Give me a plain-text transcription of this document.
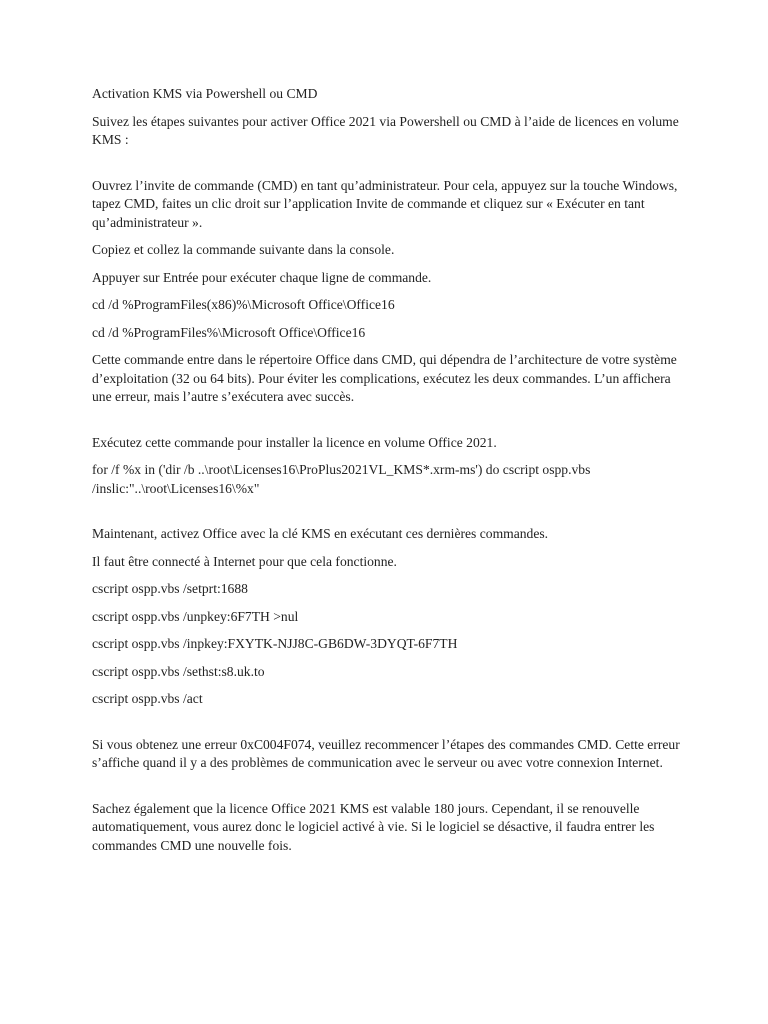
Activation KMS via Powershell ou CMD

Suivez les étapes suivantes pour activer Office 2021 via Powershell ou CMD à l’aide de licences en volume KMS :

Ouvrez l’invite de commande (CMD) en tant qu’administrateur. Pour cela, appuyez sur la touche Windows, tapez CMD, faites un clic droit sur l’application Invite de commande et cliquez sur « Exécuter en tant qu’administrateur ».

Copiez et collez la commande suivante dans la console.

Appuyer sur Entrée pour exécuter chaque ligne de commande.

cd /d %ProgramFiles(x86)%\Microsoft Office\Office16

cd /d %ProgramFiles%\Microsoft Office\Office16

Cette commande entre dans le répertoire Office dans CMD, qui dépendra de l’architecture de votre système d’exploitation (32 ou 64 bits). Pour éviter les complications, exécutez les deux commandes. L’un affichera une erreur, mais l’autre s’exécutera avec succès.

Exécutez cette commande pour installer la licence en volume Office 2021.

for /f %x in ('dir /b ..\root\Licenses16\ProPlus2021VL_KMS*.xrm-ms') do cscript ospp.vbs /inslic:"..\root\Licenses16\%x"

Maintenant, activez Office avec la clé KMS en exécutant ces dernières commandes.

Il faut être connecté à Internet pour que cela fonctionne.

cscript ospp.vbs /setprt:1688

cscript ospp.vbs /unpkey:6F7TH >nul

cscript ospp.vbs /inpkey:FXYTK-NJJ8C-GB6DW-3DYQT-6F7TH

cscript ospp.vbs /sethst:s8.uk.to

cscript ospp.vbs /act

Si vous obtenez une erreur 0xC004F074, veuillez recommencer l’étapes des commandes CMD. Cette erreur s’affiche quand il y a des problèmes de communication avec le serveur ou avec votre connexion Internet.

Sachez également que la licence Office 2021 KMS est valable 180 jours. Cependant, il se renouvelle automatiquement, vous aurez donc le logiciel activé à vie. Si le logiciel se désactive, il faudra entrer les commandes CMD une nouvelle fois.
